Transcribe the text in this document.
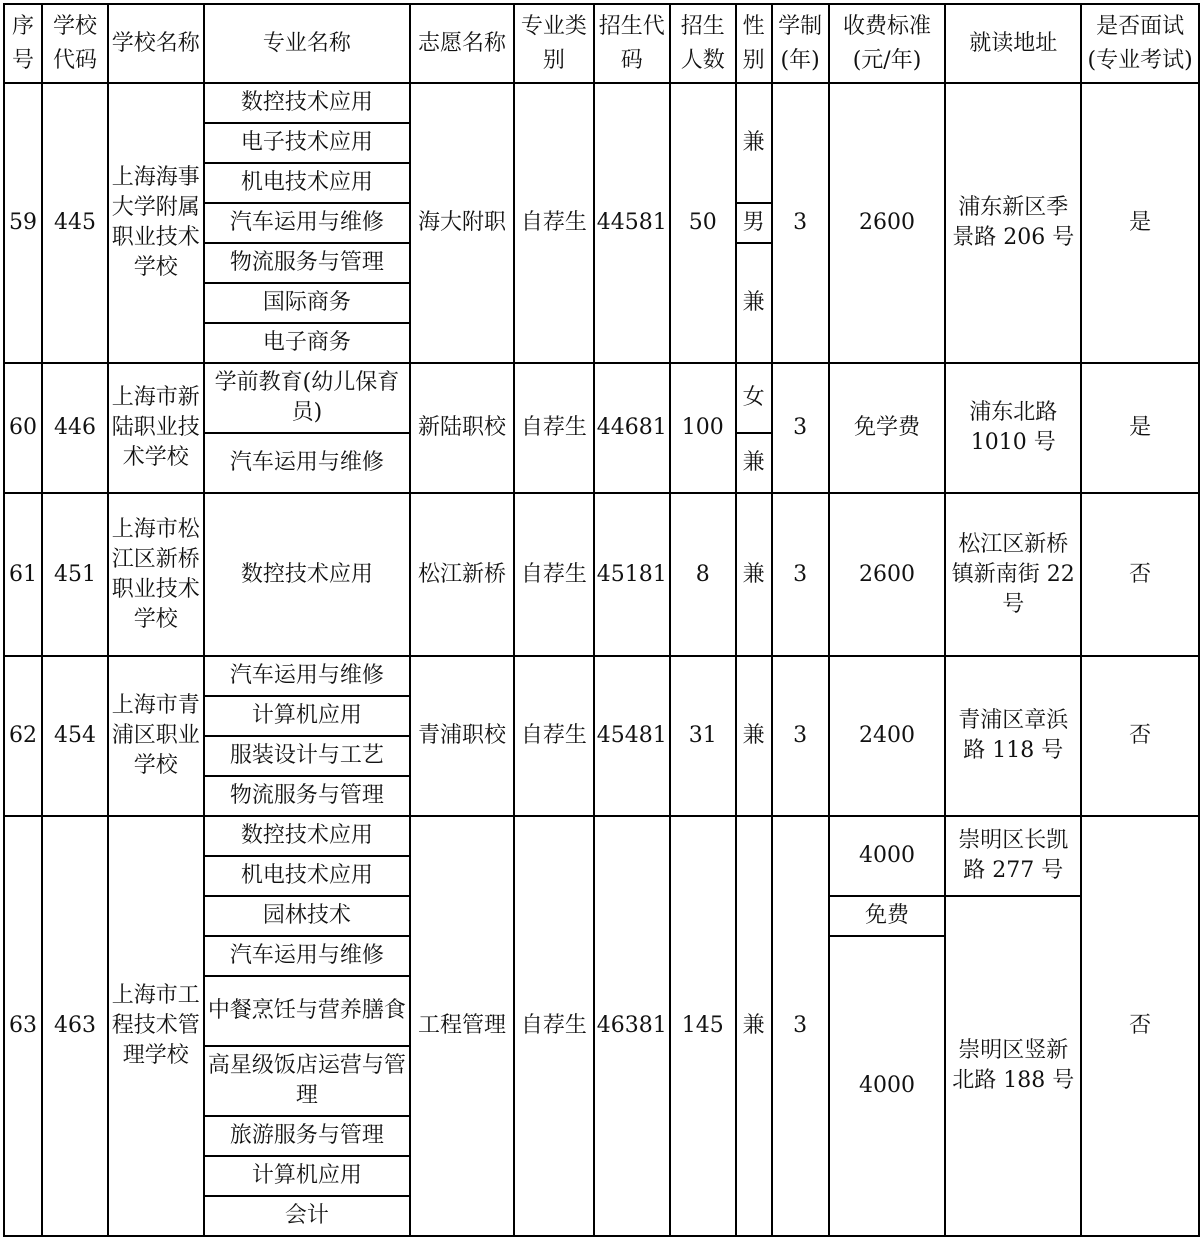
序号	学校代码	学校名称	专业名称	志愿名称	专业类别	招生代码	招生人数	性别	学制(年)	收费标准(元/年)	就读地址	是否面试(专业考试)
59	445	上海海事大学附属职业技术学校	数控技术应用	海大附职	自荐生	44581	50	兼	3	2600	浦东新区季景路 206 号	是
			电子技术应用									
			机电技术应用									
			汽车运用与维修					男				
			物流服务与管理					兼				
			国际商务									
			电子商务									
60	446	上海市新陆职业技术学校	学前教育(幼儿保育员)	新陆职校	自荐生	44681	100	女	3	免学费	浦东北路 1010 号	是
			汽车运用与维修					兼				
61	451	上海市松江区新桥职业技术学校	数控技术应用	松江新桥	自荐生	45181	8	兼	3	2600	松江区新桥镇新南街 22 号	否
62	454	上海市青浦区职业学校	汽车运用与维修	青浦职校	自荐生	45481	31	兼	3	2400	青浦区章浜路 118 号	否
			计算机应用									
			服装设计与工艺									
			物流服务与管理									
63	463	上海市工程技术管理学校	数控技术应用	工程管理	自荐生	46381	145	兼	3	4000	崇明区长凯路 277 号	否
			机电技术应用									
			园林技术							免费	崇明区竖新北路 188 号	
			汽车运用与维修							4000		
			中餐烹饪与营养膳食									
			高星级饭店运营与管理									
			旅游服务与管理									
			计算机应用									
			会计									
